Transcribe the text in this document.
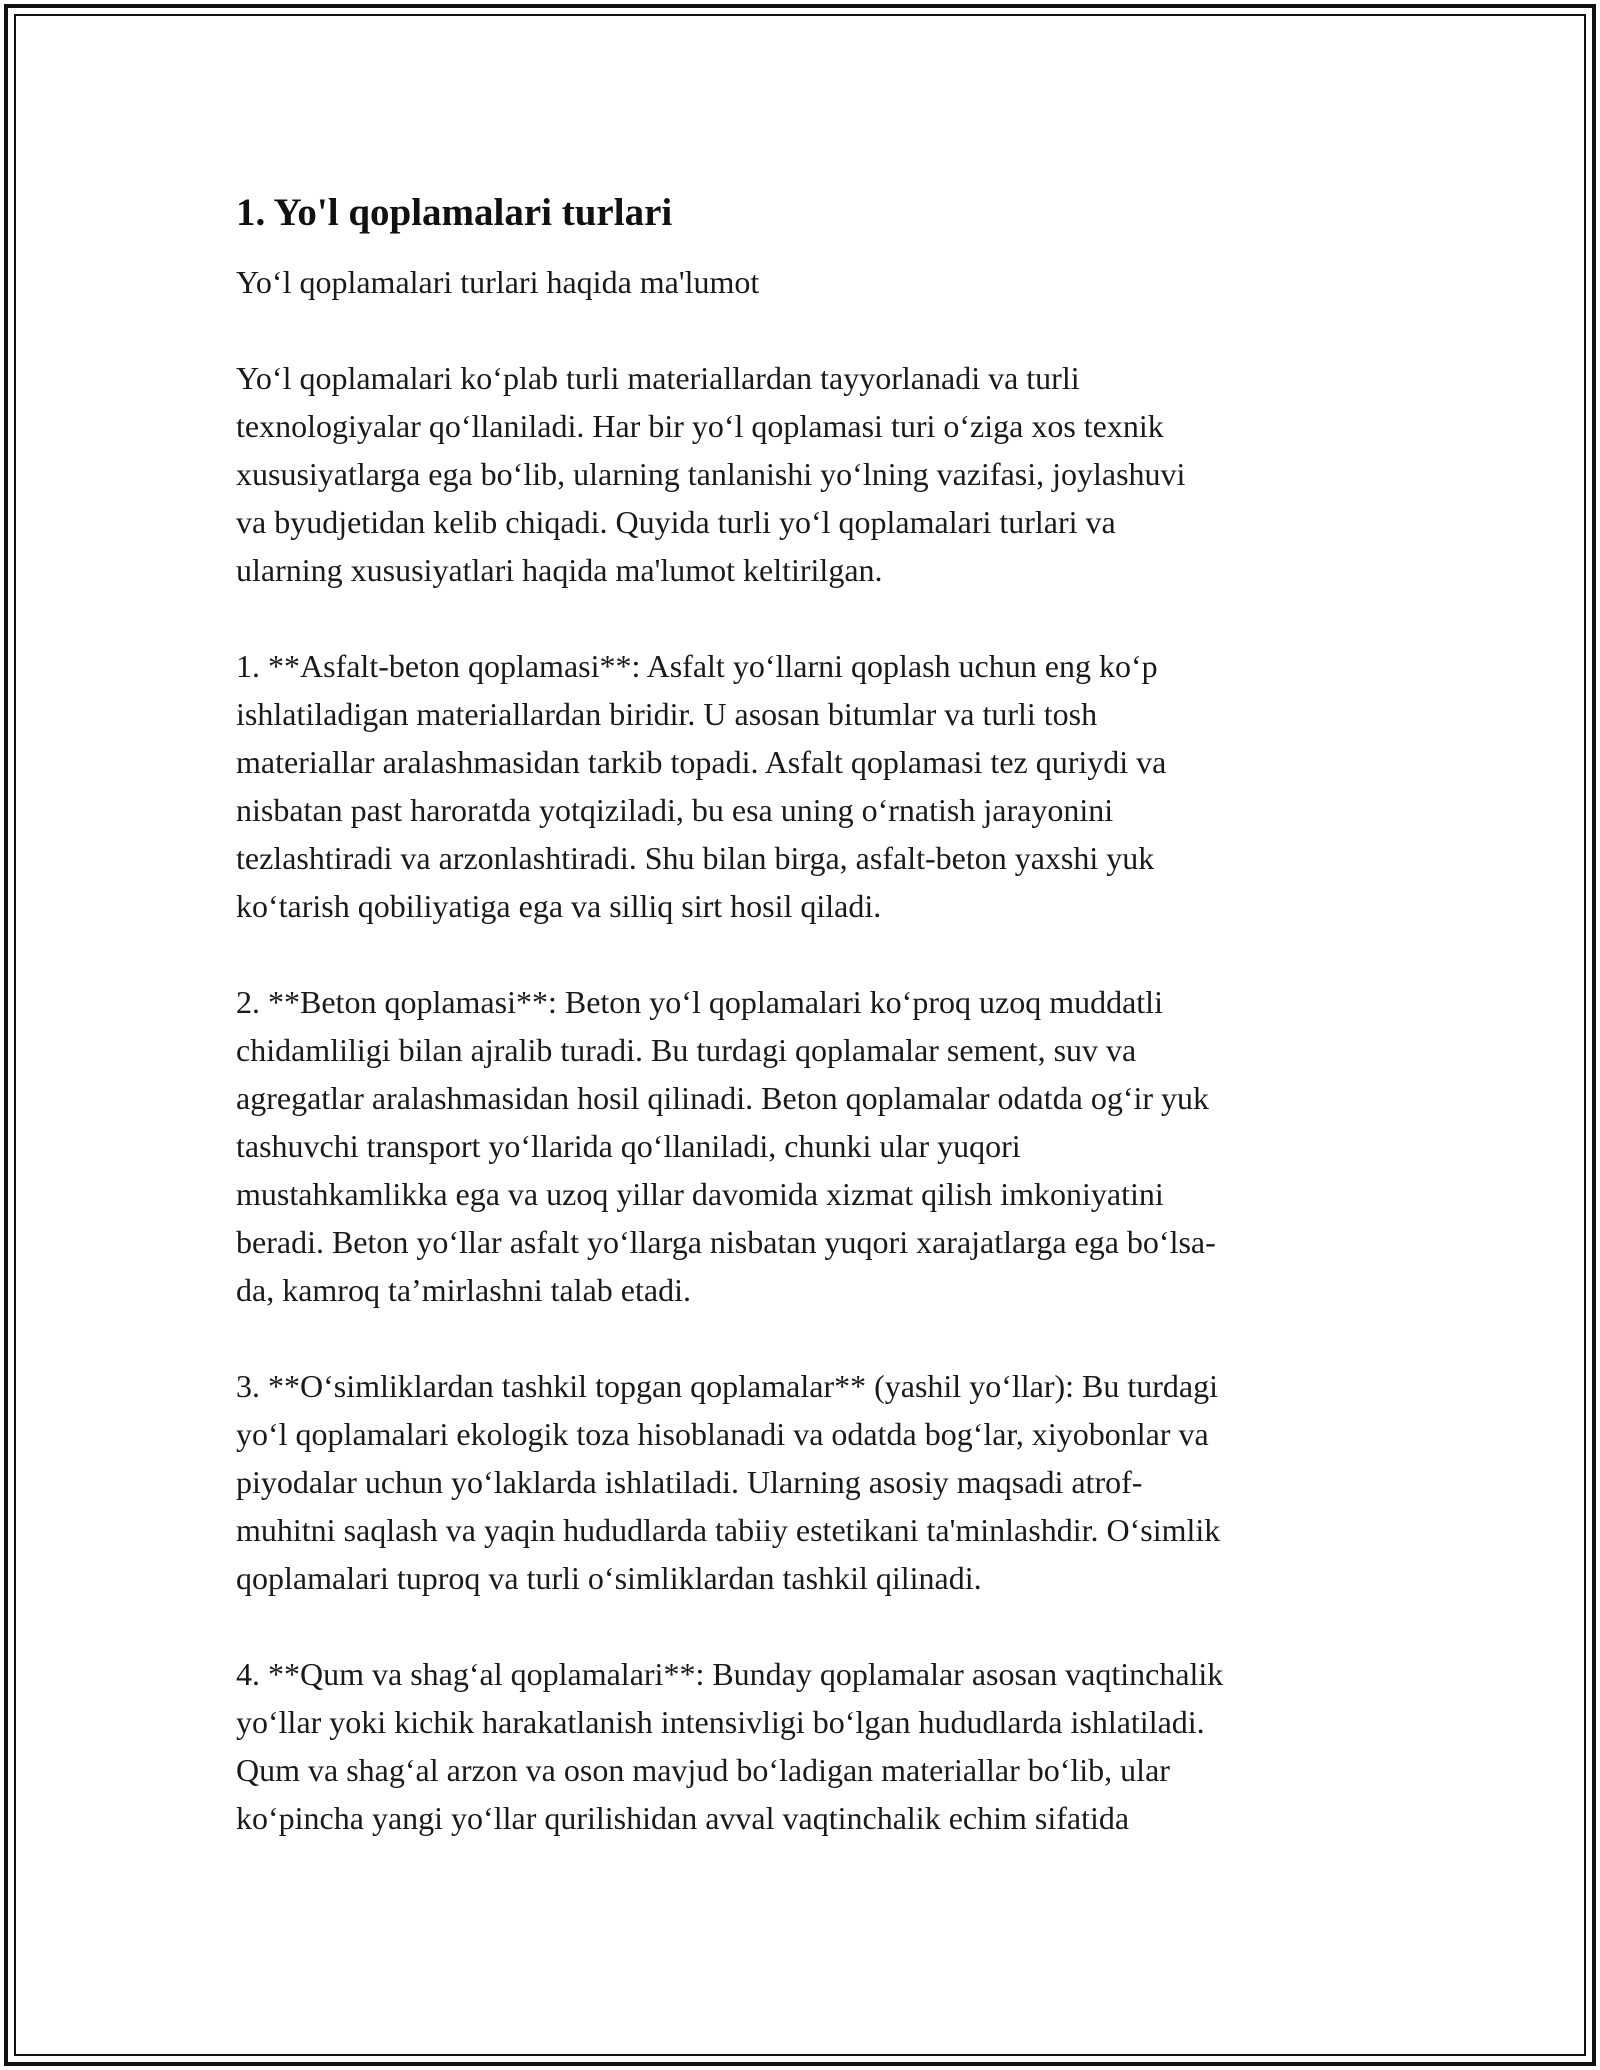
1. Yo'l qoplamalari turlari

Yo‘l qoplamalari turlari haqida ma'lumot

Yo‘l qoplamalari ko‘plab turli materiallardan tayyorlanadi va turli
texnologiyalar qo‘llaniladi. Har bir yo‘l qoplamasi turi o‘ziga xos texnik
xususiyatlarga ega bo‘lib, ularning tanlanishi yo‘lning vazifasi, joylashuvi
va byudjetidan kelib chiqadi. Quyida turli yo‘l qoplamalari turlari va
ularning xususiyatlari haqida ma'lumot keltirilgan.
1. **Asfalt-beton qoplamasi**: Asfalt yo‘llarni qoplash uchun eng ko‘p
ishlatiladigan materiallardan biridir. U asosan bitumlar va turli tosh
materiallar aralashmasidan tarkib topadi. Asfalt qoplamasi tez quriydi va
nisbatan past haroratda yotqiziladi, bu esa uning o‘rnatish jarayonini
tezlashtiradi va arzonlashtiradi. Shu bilan birga, asfalt-beton yaxshi yuk
ko‘tarish qobiliyatiga ega va silliq sirt hosil qiladi.
2. **Beton qoplamasi**: Beton yo‘l qoplamalari ko‘proq uzoq muddatli
chidamliligi bilan ajralib turadi. Bu turdagi qoplamalar sement, suv va
agregatlar aralashmasidan hosil qilinadi. Beton qoplamalar odatda og‘ir yuk
tashuvchi transport yo‘llarida qo‘llaniladi, chunki ular yuqori
mustahkamlikka ega va uzoq yillar davomida xizmat qilish imkoniyatini
beradi. Beton yo‘llar asfalt yo‘llarga nisbatan yuqori xarajatlarga ega bo‘lsa-
da, kamroq ta’mirlashni talab etadi.
3. **O‘simliklardan tashkil topgan qoplamalar** (yashil yo‘llar): Bu turdagi
yo‘l qoplamalari ekologik toza hisoblanadi va odatda bog‘lar, xiyobonlar va
piyodalar uchun yo‘laklarda ishlatiladi. Ularning asosiy maqsadi atrof-
muhitni saqlash va yaqin hududlarda tabiiy estetikani ta'minlashdir. O‘simlik
qoplamalari tuproq va turli o‘simliklardan tashkil qilinadi.
4. **Qum va shag‘al qoplamalari**: Bunday qoplamalar asosan vaqtinchalik
yo‘llar yoki kichik harakatlanish intensivligi bo‘lgan hududlarda ishlatiladi.
Qum va shag‘al arzon va oson mavjud bo‘ladigan materiallar bo‘lib, ular
ko‘pincha yangi yo‘llar qurilishidan avval vaqtinchalik echim sifatida
